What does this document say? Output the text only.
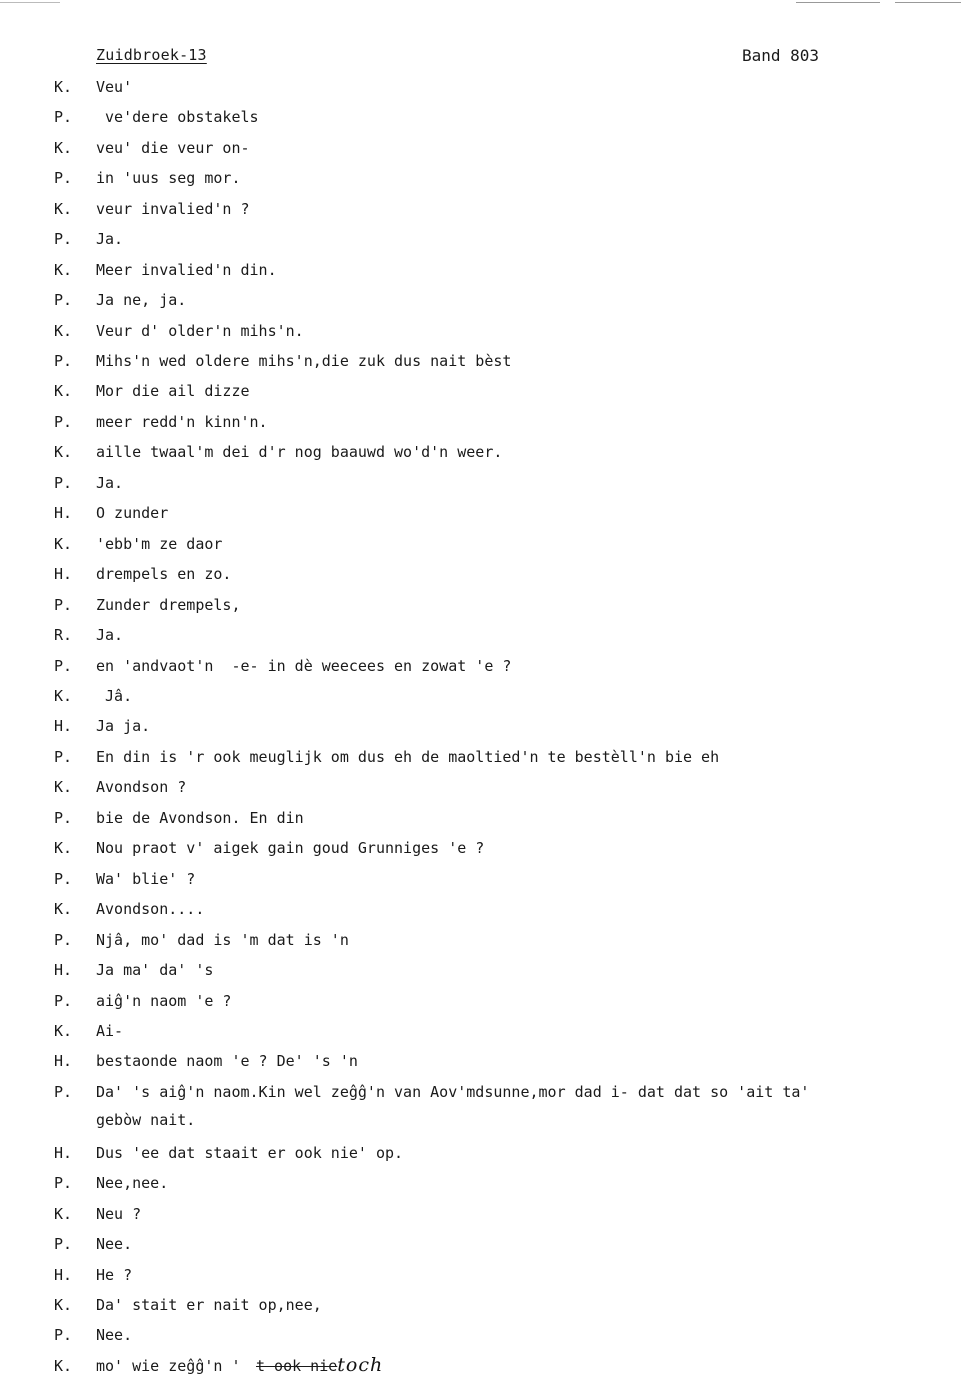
Zuidbroek-13	Band 803
K.	Veu'
P.	ve'dere obstakels
K.	veu' die veur on-
P.	in 'uus seg mor.
K.	veur invalied'n ?
P.	Ja.
K.	Meer invalied'n din.
P.	Ja ne, ja.
K.	Veur d' older'n mihs'n.
P.	Mihs'n wed oldere mihs'n,die zuk dus nait bèst
K.	Mor die ail dizze
P.	meer redd'n kinn'n.
K.	aille twaal'm dei d'r nog baauwd wo'd'n weer.
P.	Ja.
H.	O zunder
K.	'ebb'm ze daor
H.	drempels en zo.
P.	Zunder drempels,
R.	Ja.
P.	en 'andvaot'n  -e- in dè weecees en zowat 'e ?
K.	Jâ.
H.	Ja ja.
P.	En din is 'r ook meuglijk om dus eh de maoltied'n te bestèll'n bie eh
K.	Avondson ?
P.	bie de Avondson. En din
K.	Nou praot v' aigek gain goud Grunniges 'e ?
P.	Wa' blie' ?
K.	Avondson....
P.	Njâ, mo' dad is 'm dat is 'n
H.	Ja ma' da' 's
P.	aiĝ'n naom 'e ?
K.	Ai-
H.	bestaonde naom 'e ? De' 's 'n
P.	Da' 's aiĝ'n naom.Kin wel zeĝĝ'n van Aov'mdsunne,mor dad i- dat dat so 'ait ta'
H.	Dus 'ee dat staait er ook nie' op.
P.	Nee,nee.
K.	Neu ?
P.	Nee.
H.	He ?
K.	Da' stait er nait op,nee,
P.	Nee.
K.	mo' wie zeĝĝ'n '	t ook nietoch
gebòw nait.
